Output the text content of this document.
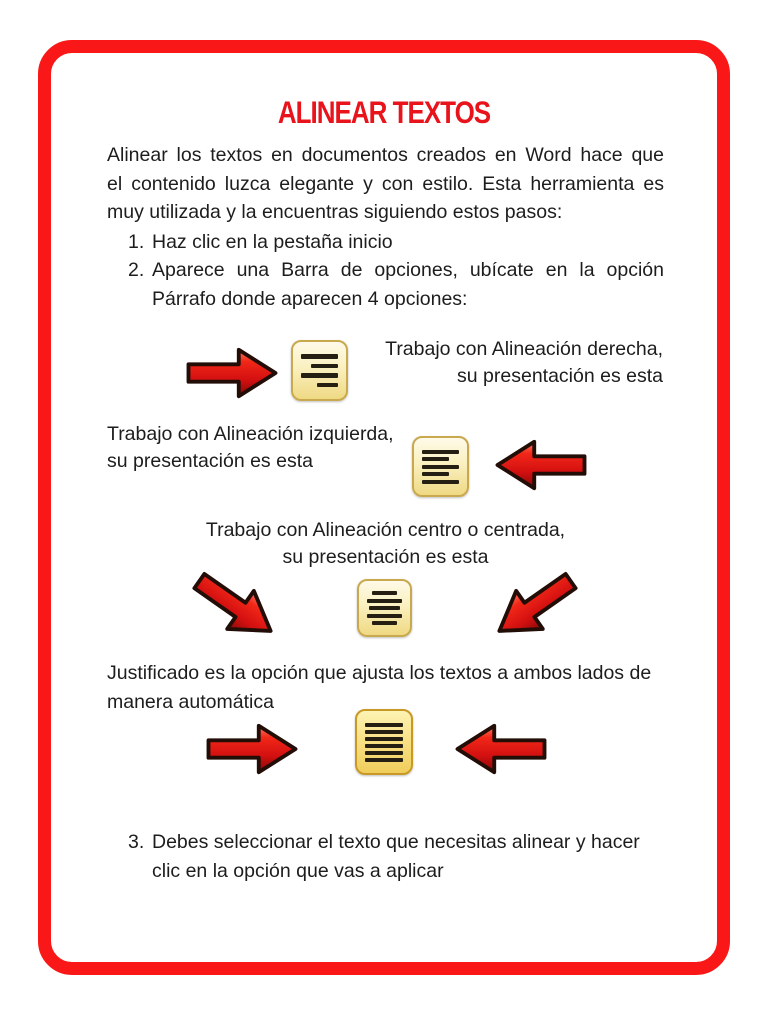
ALINEAR TEXTOS
Alinear los textos en documentos creados en Word hace que
el contenido luzca elegante y con estilo. Esta herramienta es
muy utilizada y la encuentras siguiendo estos pasos:
1. Haz clic en la pestaña inicio
2. Aparece una Barra de opciones, ubícate en la opción
Párrafo donde aparecen 4 opciones:
Trabajo con Alineación derecha,
su presentación es esta
Trabajo con Alineación izquierda,
su presentación es esta
Trabajo con Alineación centro o centrada,
su presentación es esta
Justificado es la opción que ajusta los textos a ambos lados de
manera automática
3. Debes seleccionar el texto que necesitas alinear y hacer
clic en la opción que vas a aplicar
